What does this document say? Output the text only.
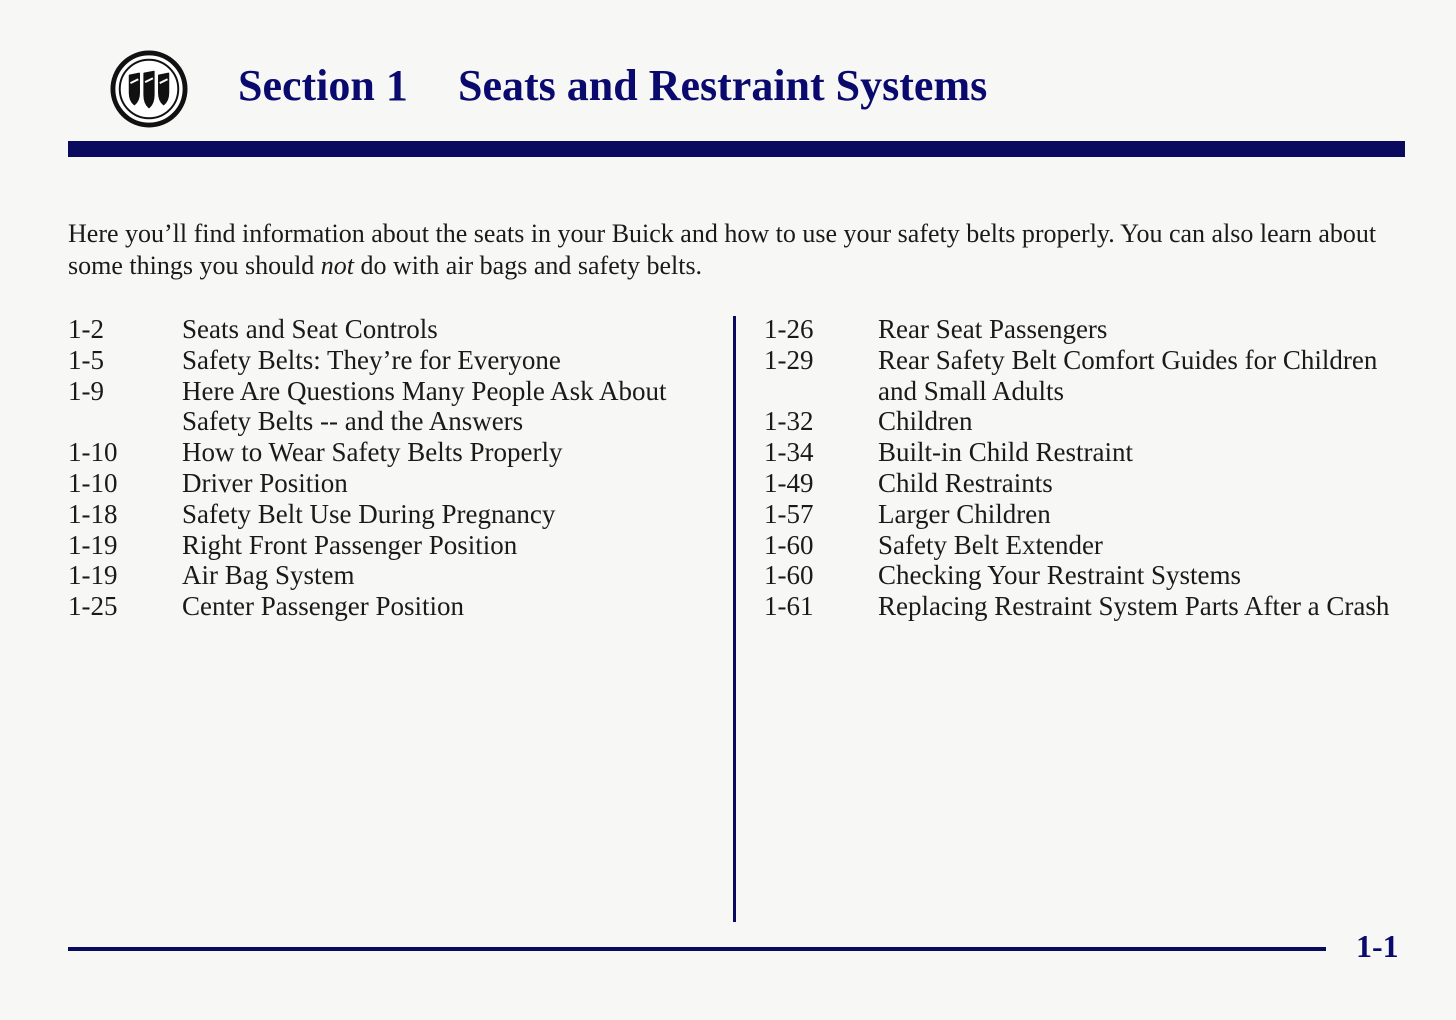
Section 1 Seats and Restraint Systems

Here you’ll find information about the seats in your Buick and how to use your safety belts properly. You can also learn about some things you should not do with air bags and safety belts.

1-2	Seats and Seat Controls
1-5	Safety Belts: They’re for Everyone
1-9	Here Are Questions Many People Ask About Safety Belts -- and the Answers
1-10	How to Wear Safety Belts Properly
1-10	Driver Position
1-18	Safety Belt Use During Pregnancy
1-19	Right Front Passenger Position
1-19	Air Bag System
1-25	Center Passenger Position
1-26	Rear Seat Passengers
1-29	Rear Safety Belt Comfort Guides for Children and Small Adults
1-32	Children
1-34	Built-in Child Restraint
1-49	Child Restraints
1-57	Larger Children
1-60	Safety Belt Extender
1-60	Checking Your Restraint Systems
1-61	Replacing Restraint System Parts After a Crash
1-1
